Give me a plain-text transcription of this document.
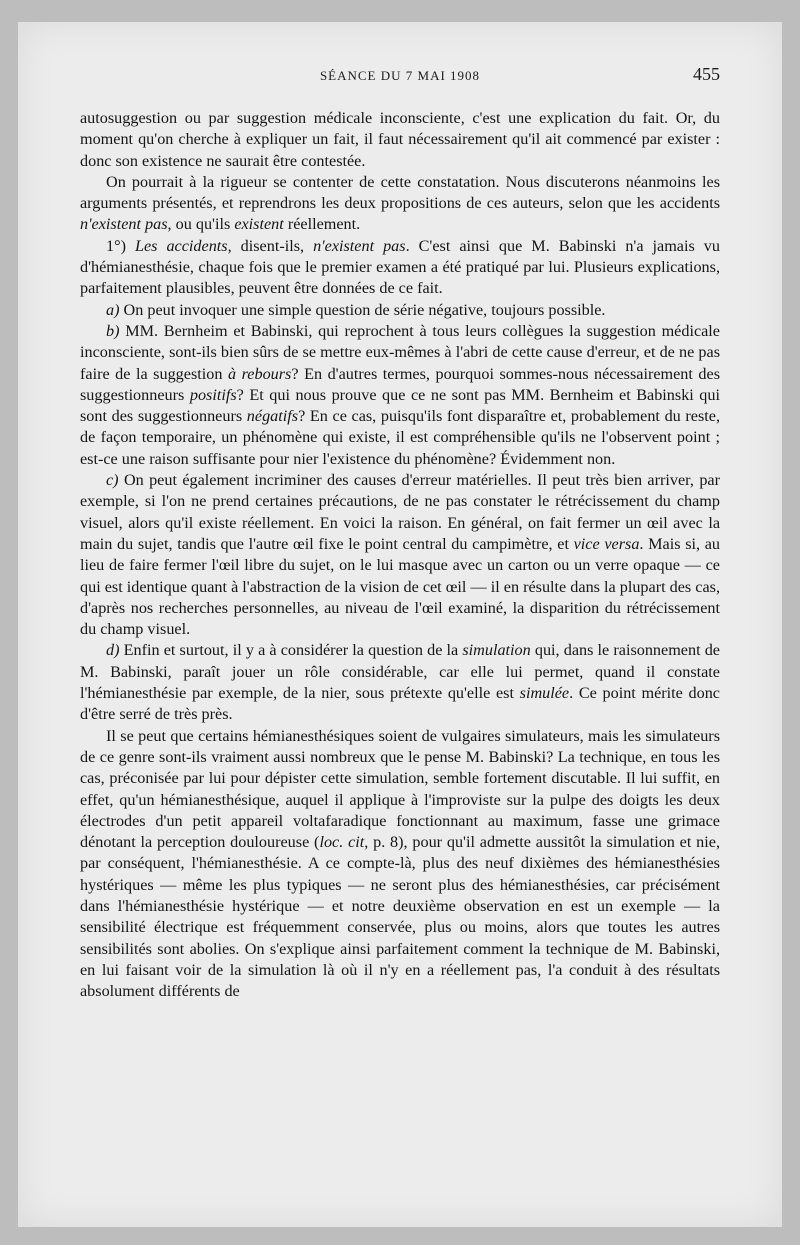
SÉANCE DU 7 MAI 1908	455

autosuggestion ou par suggestion médicale inconsciente, c'est une explication du fait. Or, du moment qu'on cherche à expliquer un fait, il faut nécessairement qu'il ait commencé par exister : donc son existence ne saurait être contestée.

On pourrait à la rigueur se contenter de cette constatation. Nous discuterons néanmoins les arguments présentés, et reprendrons les deux propositions de ces auteurs, selon que les accidents n'existent pas, ou qu'ils existent réellement.

1°) Les accidents, disent-ils, n'existent pas. C'est ainsi que M. Babinski n'a jamais vu d'hémianesthésie, chaque fois que le premier examen a été pratiqué par lui. Plusieurs explications, parfaitement plausibles, peuvent être données de ce fait.

a) On peut invoquer une simple question de série négative, toujours possible.

b) MM. Bernheim et Babinski, qui reprochent à tous leurs collègues la suggestion médicale inconsciente, sont-ils bien sûrs de se mettre eux-mêmes à l'abri de cette cause d'erreur, et de ne pas faire de la suggestion à rebours? En d'autres termes, pourquoi sommes-nous nécessairement des suggestionneurs positifs? Et qui nous prouve que ce ne sont pas MM. Bernheim et Babinski qui sont des suggestionneurs négatifs? En ce cas, puisqu'ils font disparaître et, probablement du reste, de façon temporaire, un phénomène qui existe, il est compréhensible qu'ils ne l'observent point ; est-ce une raison suffisante pour nier l'existence du phénomène? Évidemment non.

c) On peut également incriminer des causes d'erreur matérielles. Il peut très bien arriver, par exemple, si l'on ne prend certaines précautions, de ne pas constater le rétrécissement du champ visuel, alors qu'il existe réellement. En voici la raison. En général, on fait fermer un œil avec la main du sujet, tandis que l'autre œil fixe le point central du campimètre, et vice versa. Mais si, au lieu de faire fermer l'œil libre du sujet, on le lui masque avec un carton ou un verre opaque — ce qui est identique quant à l'abstraction de la vision de cet œil — il en résulte dans la plupart des cas, d'après nos recherches personnelles, au niveau de l'œil examiné, la disparition du rétrécissement du champ visuel.

d) Enfin et surtout, il y a à considérer la question de la simulation qui, dans le raisonnement de M. Babinski, paraît jouer un rôle considérable, car elle lui permet, quand il constate l'hémianesthésie par exemple, de la nier, sous prétexte qu'elle est simulée. Ce point mérite donc d'être serré de très près.

Il se peut que certains hémianesthésiques soient de vulgaires simulateurs, mais les simulateurs de ce genre sont-ils vraiment aussi nombreux que le pense M. Babinski? La technique, en tous les cas, préconisée par lui pour dépister cette simulation, semble fortement discutable. Il lui suffit, en effet, qu'un hémianesthésique, auquel il applique à l'improviste sur la pulpe des doigts les deux électrodes d'un petit appareil voltafaradique fonctionnant au maximum, fasse une grimace dénotant la perception douloureuse (loc. cit, p. 8), pour qu'il admette aussitôt la simulation et nie, par conséquent, l'hémianesthésie. A ce compte-là, plus des neuf dixièmes des hémianesthésies hystériques — même les plus typiques — ne seront plus des hémianesthésies, car précisément dans l'hémianesthésie hystérique — et notre deuxième observation en est un exemple — la sensibilité électrique est fréquemment conservée, plus ou moins, alors que toutes les autres sensibilités sont abolies. On s'explique ainsi parfaitement comment la technique de M. Babinski, en lui faisant voir de la simulation là où il n'y en a réellement pas, l'a conduit à des résultats absolument différents de
